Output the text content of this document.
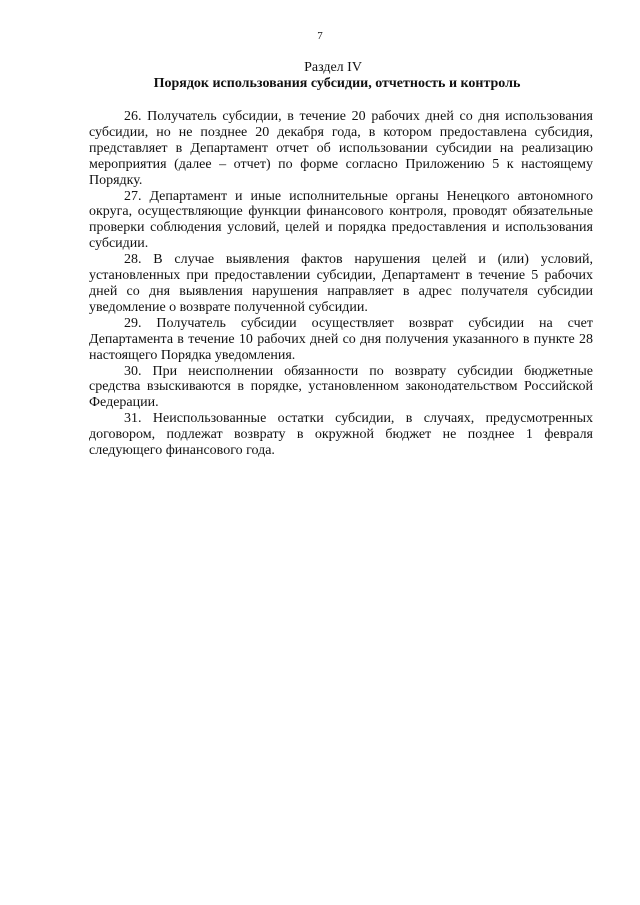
7
Раздел IV
Порядок использования субсидии, отчетность и контроль

26. Получатель субсидии, в течение 20 рабочих дней со дня использования субсидии, но не позднее 20 декабря года, в котором предоставлена субсидия, представляет в Департамент отчет об использовании субсидии на реализацию мероприятия (далее – отчет) по форме согласно Приложению 5 к настоящему Порядку.

27. Департамент и иные исполнительные органы Ненецкого автономного округа, осуществляющие функции финансового контроля, проводят обязательные проверки соблюдения условий, целей и порядка предоставления и использования субсидии.

28. В случае выявления фактов нарушения целей и (или) условий, установленных при предоставлении субсидии, Департамент в течение 5 рабочих дней со дня выявления нарушения направляет в адрес получателя субсидии уведомление о возврате полученной субсидии.

29. Получатель субсидии осуществляет возврат субсидии на счет Департамента в течение 10 рабочих дней со дня получения указанного в пункте 28 настоящего Порядка уведомления.

30. При неисполнении обязанности по возврату субсидии бюджетные средства взыскиваются в порядке, установленном законодательством Российской Федерации.

31. Неиспользованные остатки субсидии, в случаях, предусмотренных договором, подлежат возврату в окружной бюджет не позднее 1 февраля следующего финансового года.
